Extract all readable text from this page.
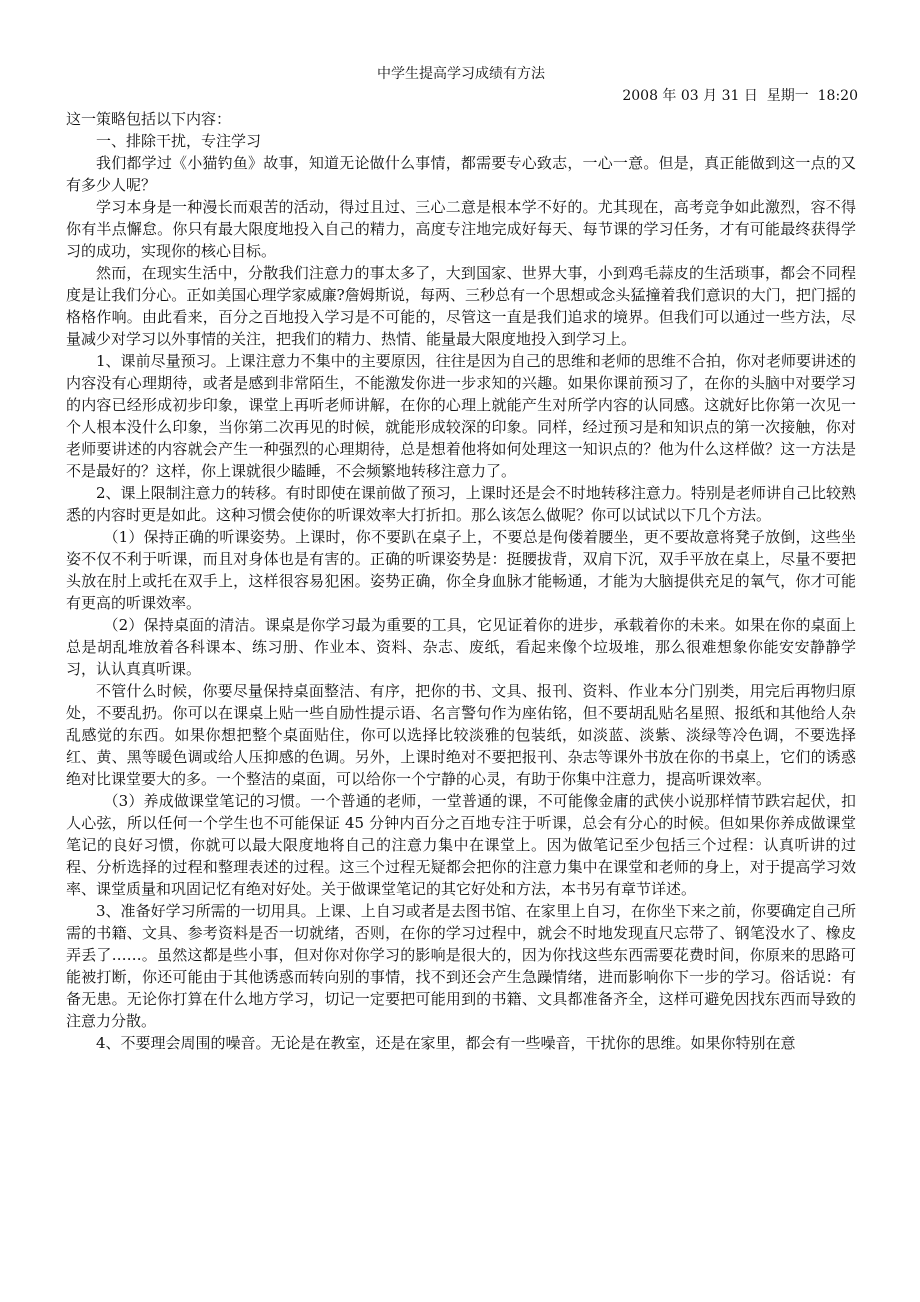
中学生提高学习成绩有方法
2008 年 03 月 31 日  星期一  18:20

这一策略包括以下内容：

一、排除干扰，专注学习

我们都学过《小猫钓鱼》故事，知道无论做什么事情，都需要专心致志，一心一意。但是，真正能做到这一点的又有多少人呢？

学习本身是一种漫长而艰苦的活动，得过且过、三心二意是根本学不好的。尤其现在，高考竞争如此激烈，容不得你有半点懈怠。你只有最大限度地投入自己的精力，高度专注地完成好每天、每节课的学习任务，才有可能最终获得学习的成功，实现你的核心目标。

然而，在现实生活中，分散我们注意力的事太多了，大到国家、世界大事，小到鸡毛蒜皮的生活琐事，都会不同程度是让我们分心。正如美国心理学家威廉?詹姆斯说，每两、三秒总有一个思想或念头猛撞着我们意识的大门，把门摇的格格作响。由此看来，百分之百地投入学习是不可能的，尽管这一直是我们追求的境界。但我们可以通过一些方法，尽量减少对学习以外事情的关注，把我们的精力、热情、能量最大限度地投入到学习上。

1、课前尽量预习。上课注意力不集中的主要原因，往往是因为自己的思维和老师的思维不合拍，你对老师要讲述的内容没有心理期待，或者是感到非常陌生，不能激发你进一步求知的兴趣。如果你课前预习了，在你的头脑中对要学习的内容已经形成初步印象，课堂上再听老师讲解，在你的心理上就能产生对所学内容的认同感。这就好比你第一次见一个人根本没什么印象，当你第二次再见的时候，就能形成较深的印象。同样，经过预习是和知识点的第一次接触，你对老师要讲述的内容就会产生一种强烈的心理期待，总是想着他将如何处理这一知识点的？他为什么这样做？这一方法是不是最好的？这样，你上课就很少瞌睡，不会频繁地转移注意力了。

2、课上限制注意力的转移。有时即使在课前做了预习，上课时还是会不时地转移注意力。特别是老师讲自己比较熟悉的内容时更是如此。这种习惯会使你的听课效率大打折扣。那么该怎么做呢？你可以试试以下几个方法。

（1）保持正确的听课姿势。上课时，你不要趴在桌子上，不要总是佝偻着腰坐，更不要故意将凳子放倒，这些坐姿不仅不利于听课，而且对身体也是有害的。正确的听课姿势是：挺腰拔背，双肩下沉，双手平放在桌上，尽量不要把头放在肘上或托在双手上，这样很容易犯困。姿势正确，你全身血脉才能畅通，才能为大脑提供充足的氧气，你才可能有更高的听课效率。

（2）保持桌面的清洁。课桌是你学习最为重要的工具，它见证着你的进步，承载着你的未来。如果在你的桌面上总是胡乱堆放着各科课本、练习册、作业本、资料、杂志、废纸，看起来像个垃圾堆，那么很难想象你能安安静静学习，认认真真听课。

不管什么时候，你要尽量保持桌面整洁、有序，把你的书、文具、报刊、资料、作业本分门别类，用完后再物归原处，不要乱扔。你可以在课桌上贴一些自励性提示语、名言警句作为座佑铭，但不要胡乱贴名星照、报纸和其他给人杂乱感觉的东西。如果你想把整个桌面贴住，你可以选择比较淡雅的包装纸，如淡蓝、淡紫、淡绿等冷色调，不要选择红、黄、黑等暖色调或给人压抑感的色调。另外，上课时绝对不要把报刊、杂志等课外书放在你的书桌上，它们的诱惑绝对比课堂要大的多。一个整洁的桌面，可以给你一个宁静的心灵，有助于你集中注意力，提高听课效率。

（3）养成做课堂笔记的习惯。一个普通的老师，一堂普通的课，不可能像金庸的武侠小说那样情节跌宕起伏，扣人心弦，所以任何一个学生也不可能保证 45 分钟内百分之百地专注于听课，总会有分心的时候。但如果你养成做课堂笔记的良好习惯，你就可以最大限度地将自己的注意力集中在课堂上。因为做笔记至少包括三个过程：认真听讲的过程、分析选择的过程和整理表述的过程。这三个过程无疑都会把你的注意力集中在课堂和老师的身上，对于提高学习效率、课堂质量和巩固记忆有绝对好处。关于做课堂笔记的其它好处和方法，本书另有章节详述。

3、准备好学习所需的一切用具。上课、上自习或者是去图书馆、在家里上自习，在你坐下来之前，你要确定自己所需的书籍、文具、参考资料是否一切就绪，否则，在你的学习过程中，就会不时地发现直尺忘带了、钢笔没水了、橡皮弄丢了……。虽然这都是些小事，但对你对你学习的影响是很大的，因为你找这些东西需要花费时间，你原来的思路可能被打断，你还可能由于其他诱惑而转向别的事情，找不到还会产生急躁情绪，进而影响你下一步的学习。俗话说：有备无患。无论你打算在什么地方学习，切记一定要把可能用到的书籍、文具都准备齐全，这样可避免因找东西而导致的注意力分散。

4、不要理会周围的噪音。无论是在教室，还是在家里，都会有一些噪音，干扰你的思维。如果你特别在意
